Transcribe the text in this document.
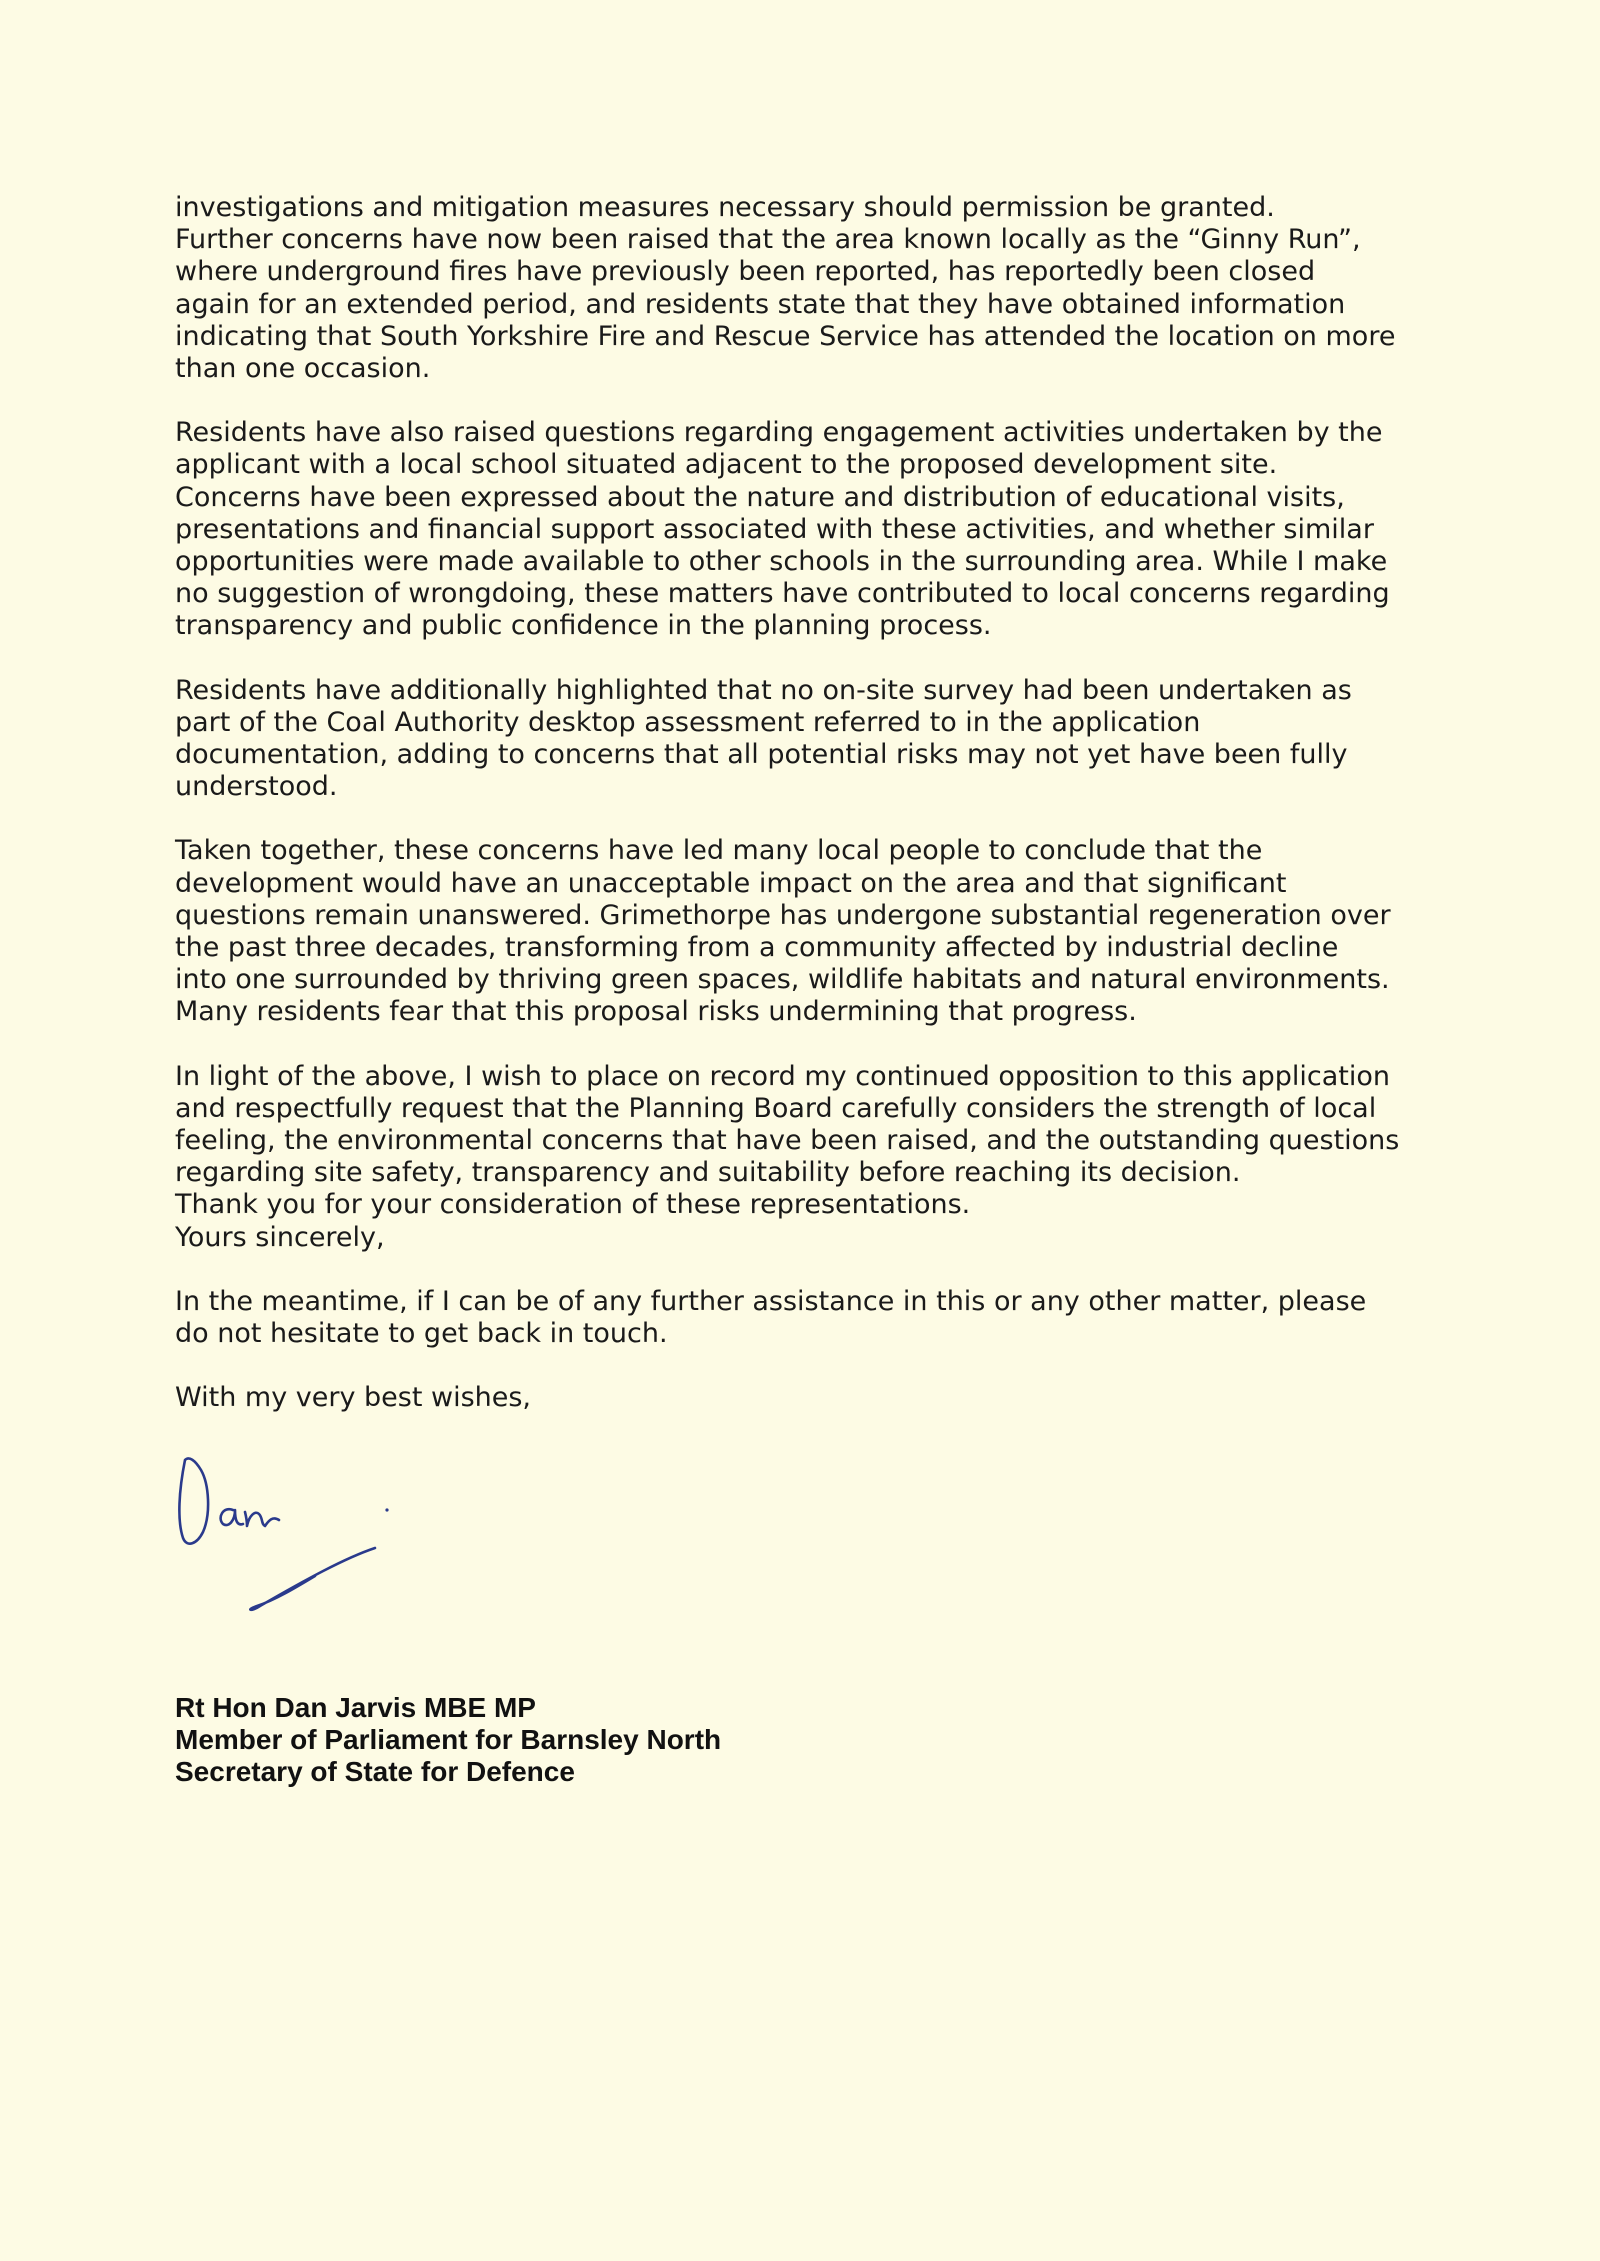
investigations and mitigation measures necessary should permission be granted.
Further concerns have now been raised that the area known locally as the “Ginny Run”,
where underground fires have previously been reported, has reportedly been closed
again for an extended period, and residents state that they have obtained information
indicating that South Yorkshire Fire and Rescue Service has attended the location on more
than one occasion.

Residents have also raised questions regarding engagement activities undertaken by the
applicant with a local school situated adjacent to the proposed development site.
Concerns have been expressed about the nature and distribution of educational visits,
presentations and financial support associated with these activities, and whether similar
opportunities were made available to other schools in the surrounding area. While I make
no suggestion of wrongdoing, these matters have contributed to local concerns regarding
transparency and public confidence in the planning process.

Residents have additionally highlighted that no on-site survey had been undertaken as
part of the Coal Authority desktop assessment referred to in the application
documentation, adding to concerns that all potential risks may not yet have been fully
understood.

Taken together, these concerns have led many local people to conclude that the
development would have an unacceptable impact on the area and that significant
questions remain unanswered. Grimethorpe has undergone substantial regeneration over
the past three decades, transforming from a community affected by industrial decline
into one surrounded by thriving green spaces, wildlife habitats and natural environments.
Many residents fear that this proposal risks undermining that progress.

In light of the above, I wish to place on record my continued opposition to this application
and respectfully request that the Planning Board carefully considers the strength of local
feeling, the environmental concerns that have been raised, and the outstanding questions
regarding site safety, transparency and suitability before reaching its decision.
Thank you for your consideration of these representations.
Yours sincerely,

In the meantime, if I can be of any further assistance in this or any other matter, please
do not hesitate to get back in touch.

With my very best wishes,

Rt Hon Dan Jarvis MBE MP
Member of Parliament for Barnsley North
Secretary of State for Defence
